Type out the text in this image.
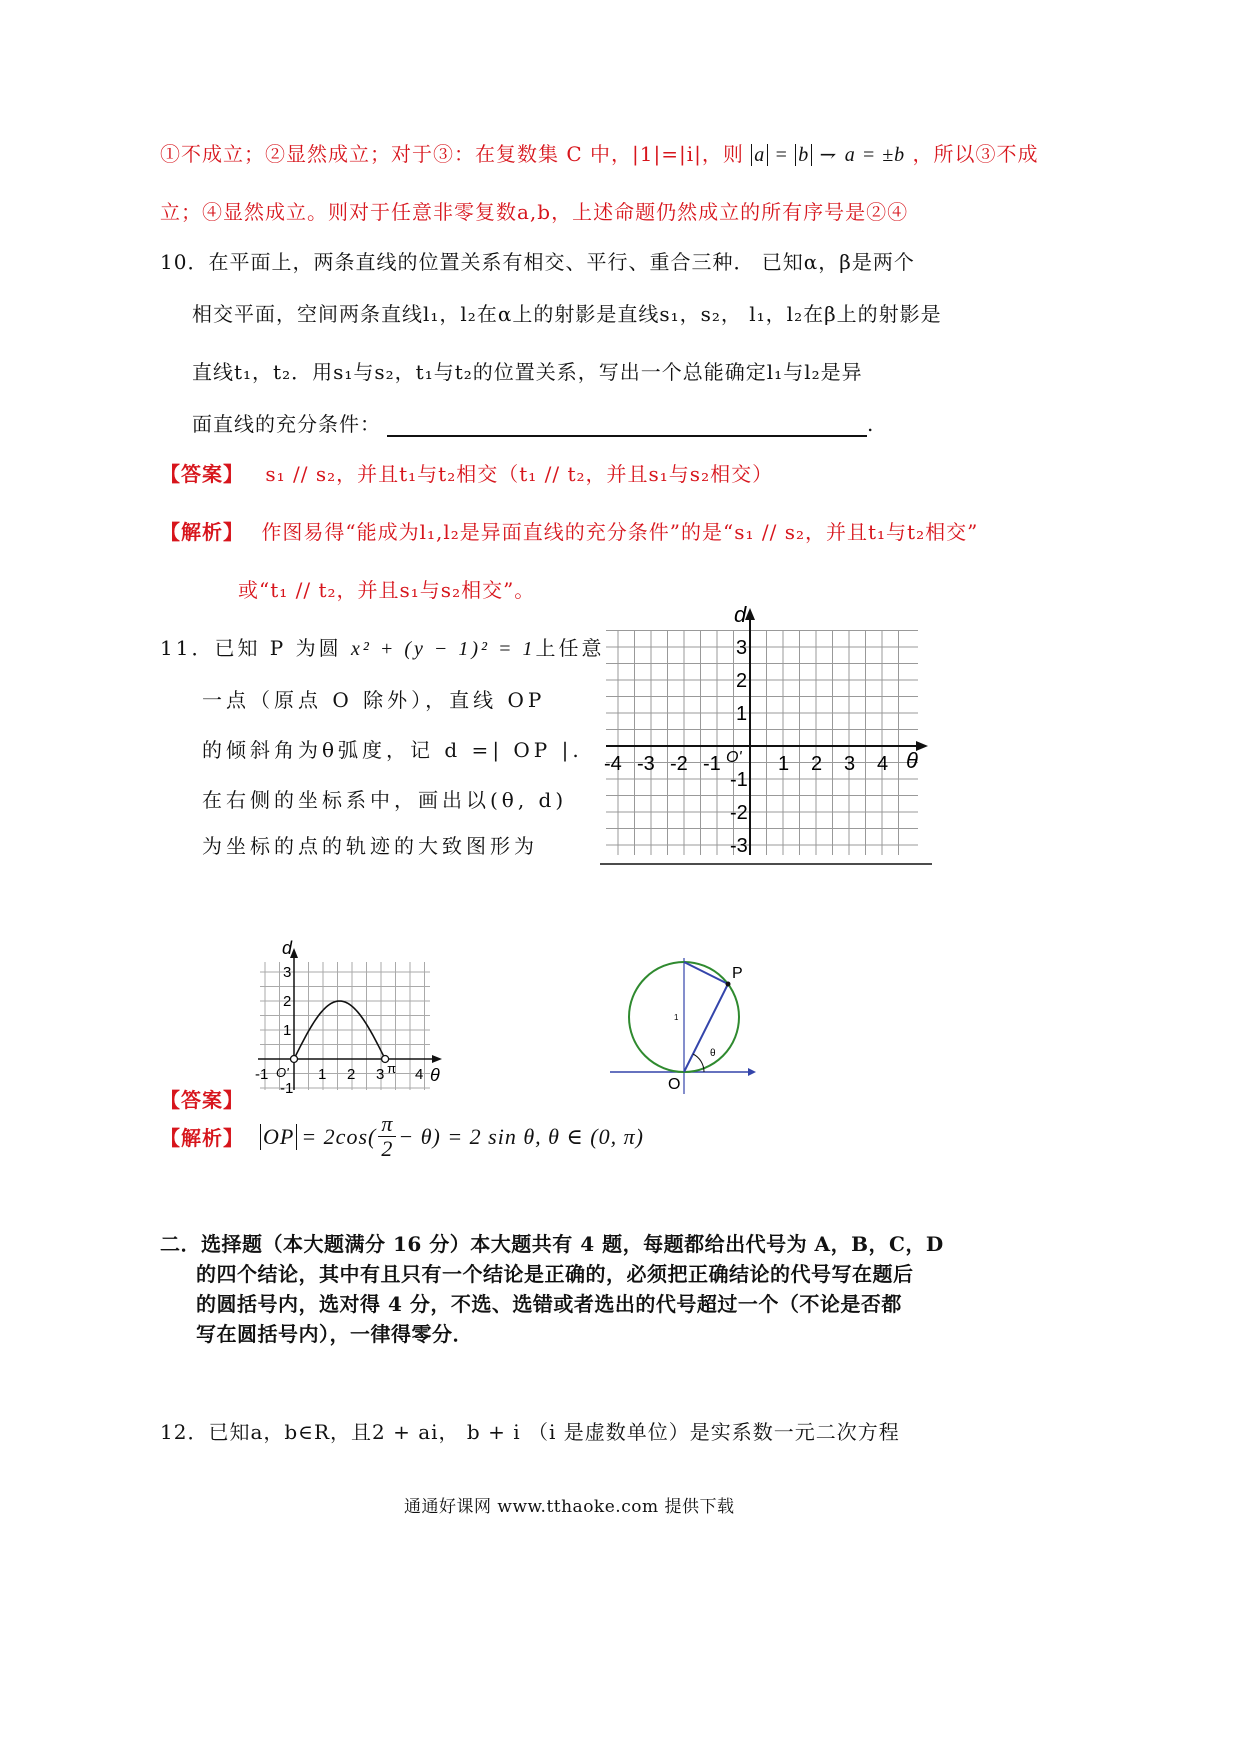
①不成立；②显然成立；对于③：在复数集 C 中，|1|=|i|，则 a = b ⇁ a = ±b ，所以③不成
立；④显然成立。则对于任意非零复数a,b，上述命题仍然成立的所有序号是②④
10．在平面上，两条直线的位置关系有相交、平行、重合三种． 已知α，β是两个
相交平面，空间两条直线l₁，l₂在α上的射影是直线s₁，s₂， l₁，l₂在β上的射影是
直线t₁，t₂．用s₁与s₂，t₁与t₂的位置关系，写出一个总能确定l₁与l₂是异
面直线的充分条件：	.
【答案】 s₁ // s₂，并且t₁与t₂相交（t₁ // t₂，并且s₁与s₂相交）
【解析】 作图易得“能成为l₁,l₂是异面直线的充分条件”的是“s₁ // s₂，并且t₁与t₂相交”
或“t₁ // t₂，并且s₁与s₂相交”。
11．已知 P 为圆 x² + (y − 1)² = 1上任意
一点（原点 O 除外），直线 OP
的倾斜角为θ弧度，记 d =| OP |.
在右侧的坐标系中，画出以(θ, d)
为坐标的点的轨迹的大致图形为
d
θ
O'
-4 -3 -2 -1	1 2 3 4
3
2
1
-1
-2
-3
d
θ
O'
-1	1 2 3 4
3
2
1
-1
π
P
O
θ
1
【答案】
【解析】 OP = $2\cos( \frac{\pi}{2} - \theta) = 2$ sin θ, θ ∈ (0, π)
二．选择题（本大题满分 16 分）本大题共有 4 题，每题都给出代号为 A，B，C，D
的四个结论，其中有且只有一个结论是正确的，必须把正确结论的代号写在题后
的圆括号内，选对得 4 分，不选、选错或者选出的代号超过一个（不论是否都
写在圆括号内），一律得零分．
12．已知a，b∈R，且2 + ai， b + i （i 是虚数单位）是实系数一元二次方程
通通好课网 www.tthaoke.com 提供下载
